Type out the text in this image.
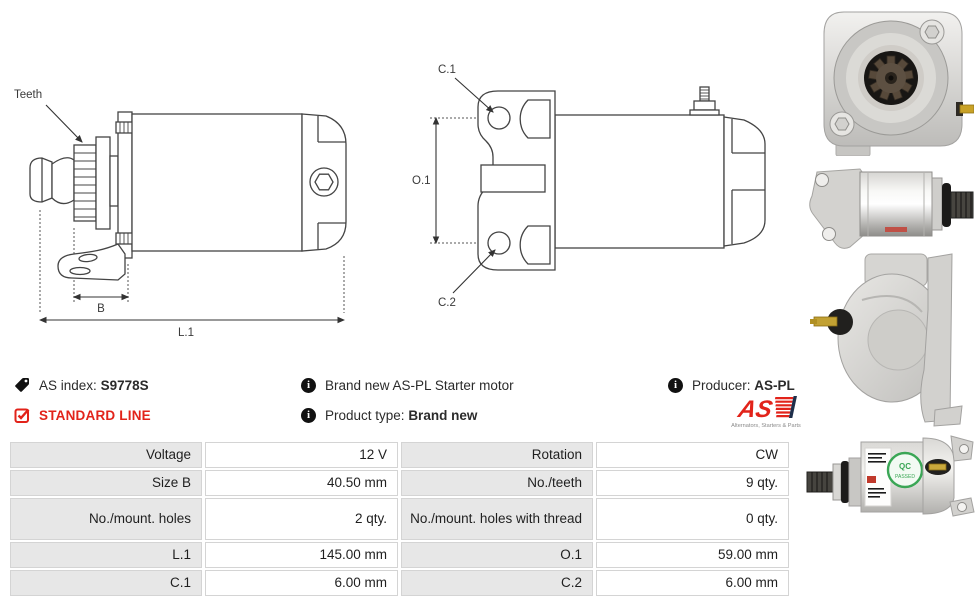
Teeth
B
L.1
O.1
C.1
C.2
QC
PASSED
AS index: S9778S
STANDARD LINE
i	Brand new AS-PL Starter motor
i	Product type: Brand new
i	Producer: AS-PL
AS
Alternators, Starters & Parts
Voltage	12 V	Rotation	CW
Size B	40.50 mm	No./teeth	9 qty.
No./mount. holes	2 qty.	No./mount. holes with thread	0 qty.
L.1	145.00 mm	O.1	59.00 mm
C.1	6.00 mm	C.2	6.00 mm
